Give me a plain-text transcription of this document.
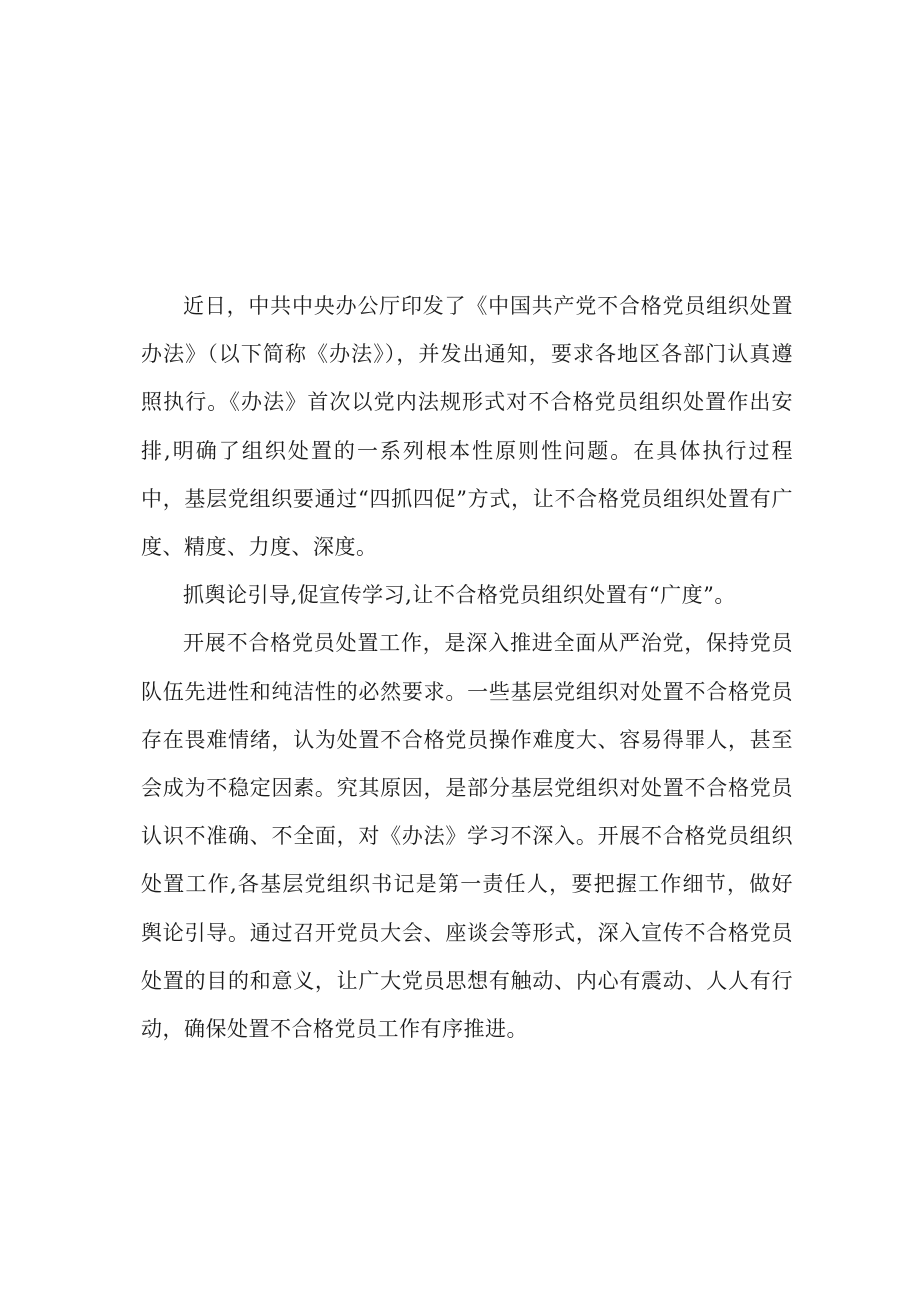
近日，中共中央办公厅印发了《中国共产党不合格党员组织处置办法》（以下简称《办法》），并发出通知，要求各地区各部门认真遵照执行。《办法》首次以党内法规形式对不合格党员组织处置作出安排,明确了组织处置的一系列根本性原则性问题。在具体执行过程中，基层党组织要通过“四抓四促”方式，让不合格党员组织处置有广度、精度、力度、深度。

抓舆论引导,促宣传学习,让不合格党员组织处置有“广度”。

开展不合格党员处置工作，是深入推进全面从严治党，保持党员队伍先进性和纯洁性的必然要求。一些基层党组织对处置不合格党员存在畏难情绪，认为处置不合格党员操作难度大、容易得罪人，甚至会成为不稳定因素。究其原因，是部分基层党组织对处置不合格党员认识不准确、不全面，对《办法》学习不深入。开展不合格党员组织处置工作,各基层党组织书记是第一责任人，要把握工作细节，做好舆论引导。通过召开党员大会、座谈会等形式，深入宣传不合格党员处置的目的和意义，让广大党员思想有触动、内心有震动、人人有行动，确保处置不合格党员工作有序推进。
